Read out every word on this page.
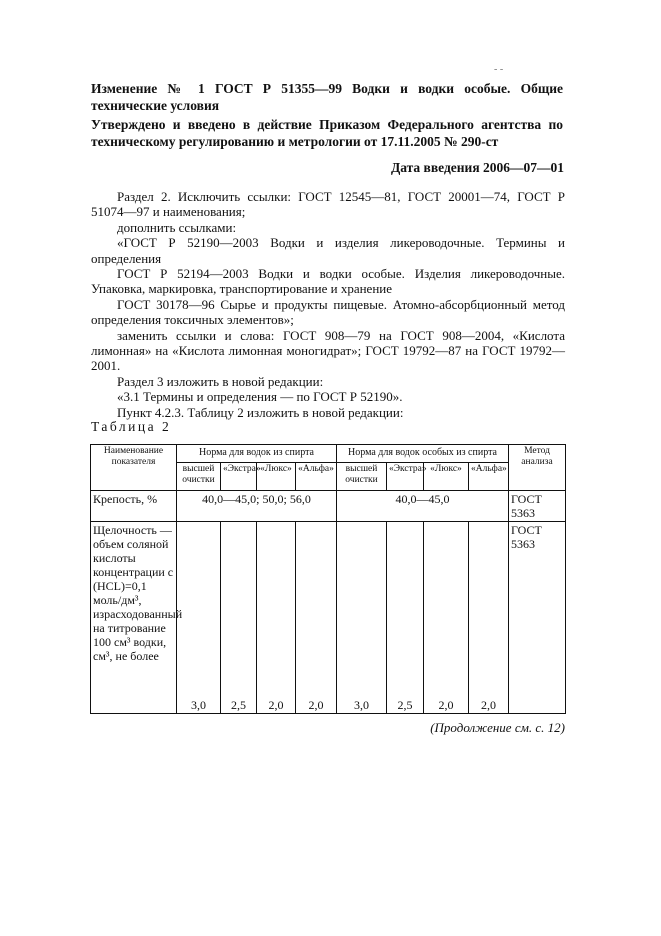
- -
Изменение № 1 ГОСТ Р 51355—99 Водки и водки особые. Общие технические условия
Утверждено и введено в действие Приказом Федерального агентства по техническому регулированию и метрологии от 17.11.2005 № 290-ст
Дата введения 2006—07—01

Раздел 2. Исключить ссылки: ГОСТ 12545—81, ГОСТ 20001—74, ГОСТ Р 51074—97 и наименования;

дополнить ссылками:

«ГОСТ Р 52190—2003 Водки и изделия ликероводочные. Термины и определения

ГОСТ Р 52194—2003 Водки и водки особые. Изделия ликероводочные. Упаковка, маркировка, транспортирование и хранение

ГОСТ 30178—96 Сырье и продукты пищевые. Атомно-абсорбционный метод определения токсичных элементов»;

заменить ссылки и слова: ГОСТ 908—79 на ГОСТ 908—2004, «Кислота лимонная» на «Кислота лимонная моногидрат»; ГОСТ 19792—87 на ГОСТ 19792—2001.

Раздел 3 изложить в новой редакции:

«3.1 Термины и определения — по ГОСТ Р 52190».

Пункт 4.2.3. Таблицу 2 изложить в новой редакции:

Таблица 2
Наименование показателя	Норма для водок из спирта				Норма для водок особых из спирта				Метод анализа
	высшей очистки	«Экстра»	«Люкс»	«Альфа»	высшей очистки	«Экстра»	«Люкс»	«Альфа»	
Крепость, %	40,0—45,0; 50,0; 56,0				40,0—45,0				ГОСТ 5363
Щелочность —объем соляной кислоты концентрации с (HCL)=0,1 моль/дм³, израсходованный на титрование 100 см³ водки, см³, не более	3,0	2,5	2,0	2,0	3,0	2,5	2,0	2,0	ГОСТ 5363
(Продолжение см. с. 12)
